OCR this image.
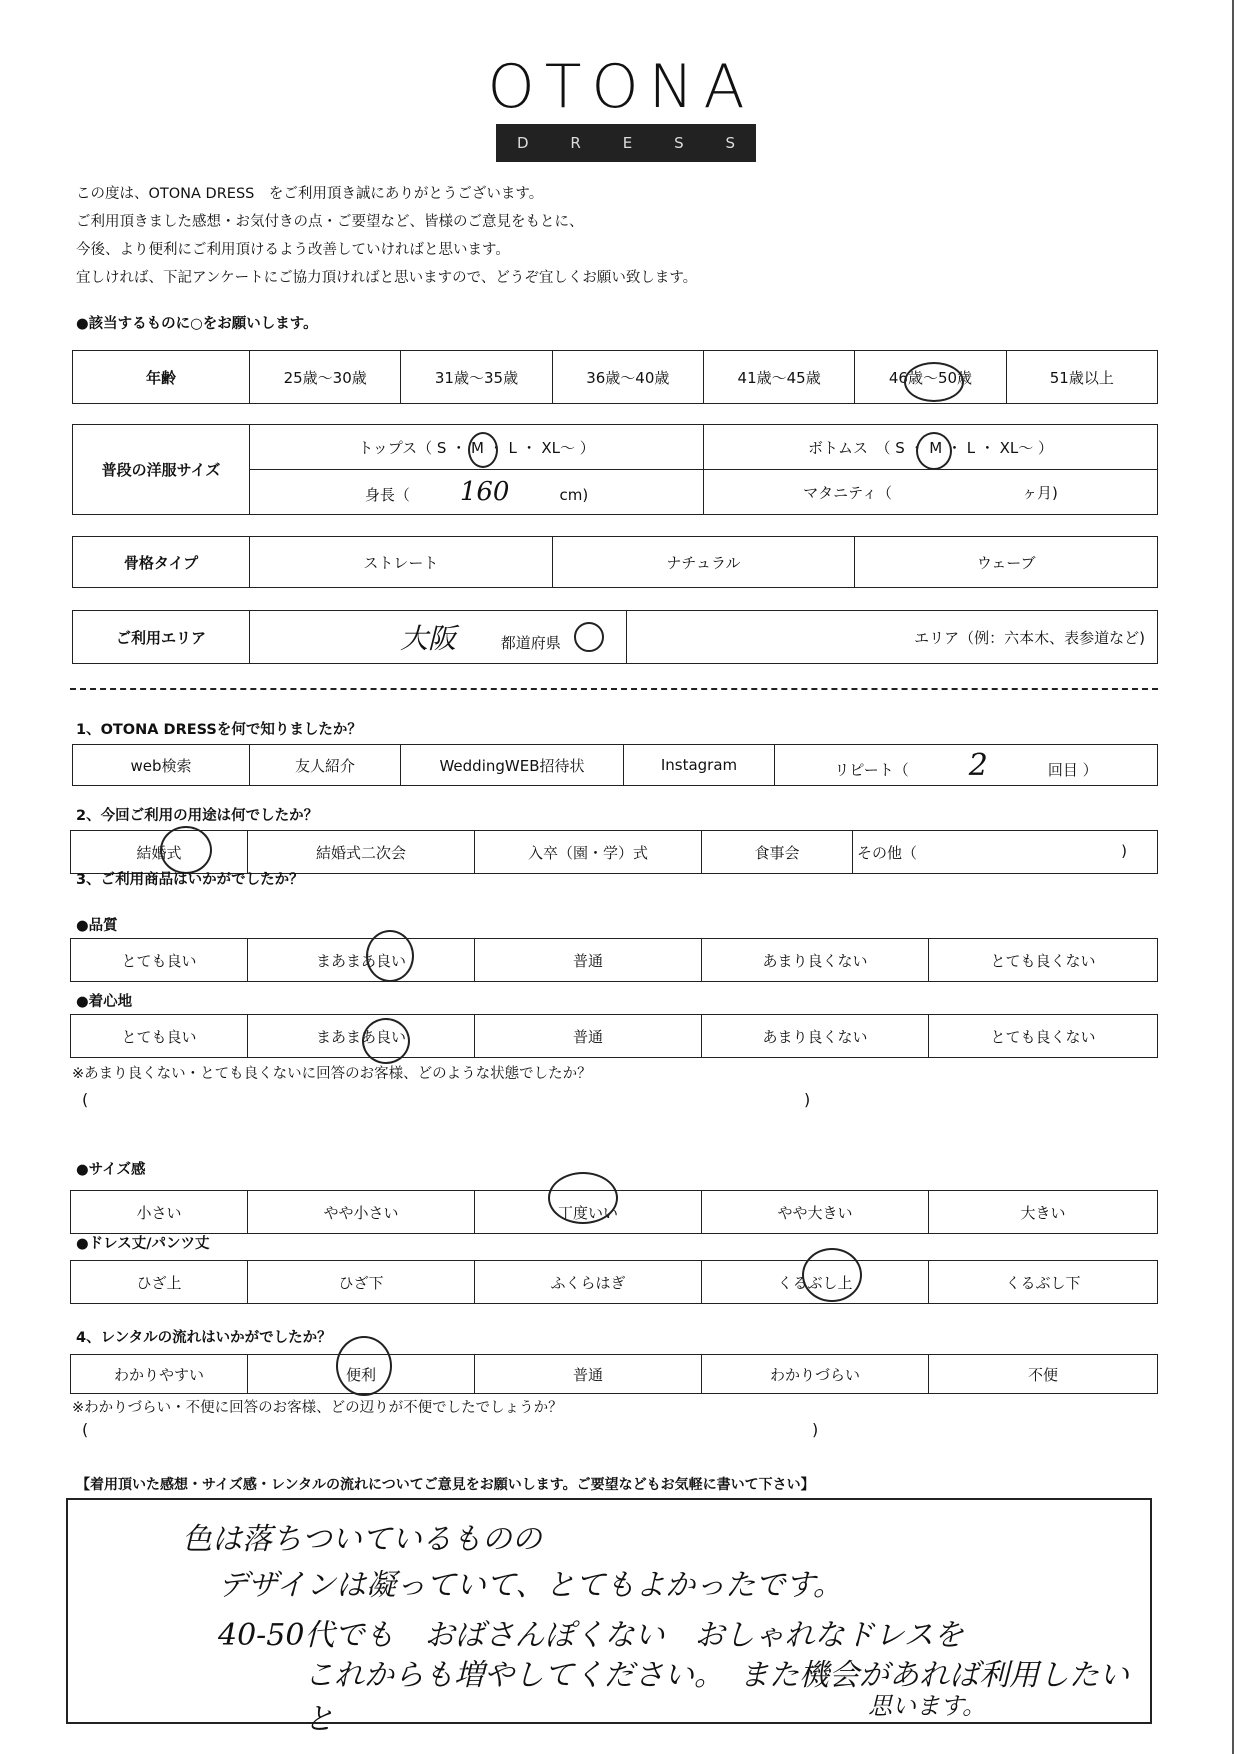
OTONA
D	R	E	S	S
この度は、OTONA DRESS　をご利用頂き誠にありがとうございます。
ご利用頂きました感想・お気付きの点・ご要望など、皆様のご意見をもとに、
今後、より便利にご利用頂けるよう改善していければと思います。
宜しければ、下記アンケートにご協力頂ければと思いますので、どうぞ宜しくお願い致します。
●該当するものに○をお願いします。
年齢	25歳～30歳	31歳～35歳	36歳～40歳	41歳～45歳	46歳～50歳	51歳以上
普段の洋服サイズ	トップス（ S ・ M ・ L ・ XL～ ）	ボトムス　（ S ・ M ・ L ・ XL～ ）
	身長（ 160 cm)	マタニティ（ ヶ月)
骨格タイプ	ストレート	ナチュラル	ウェーブ
ご利用エリア	大阪	都道府県	エリア（例：六本木、表参道など)
1、OTONA DRESSを何で知りましたか？
web検索	友人紹介	WeddingWEB招待状	Instagram	リピート（ 2	回目 ）
2、今回ご利用の用途は何でしたか？
結婚式	結婚式二次会	入卒（園・学）式	食事会	その他（	)
3、ご利用商品はいかがでしたか？
●品質
とても良い	まあまあ良い	普通	あまり良くない	とても良くない
●着心地
とても良い	まあまあ良い	普通	あまり良くない	とても良くない
※あまり良くない・とても良くないに回答のお客様、どのような状態でしたか？
(	)
●サイズ感
小さい	やや小さい	丁度いい	やや大きい	大きい
●ドレス丈/パンツ丈
ひざ上	ひざ下	ふくらはぎ	くるぶし上	くるぶし下
4、レンタルの流れはいかがでしたか？
わかりやすい	便利	普通	わかりづらい	不便
※わかりづらい・不便に回答のお客様、どの辺りが不便でしたでしょうか？
(	)
【着用頂いた感想・サイズ感・レンタルの流れについてご意見をお願いします。ご要望などもお気軽に書いて下さい】
色は落ちついているものの
デザインは凝っていて、とてもよかったです。
40-50代でも　おばさんぽくない　おしゃれなドレスを
これからも増やしてください。　また機会があれば利用したいと	思います。
